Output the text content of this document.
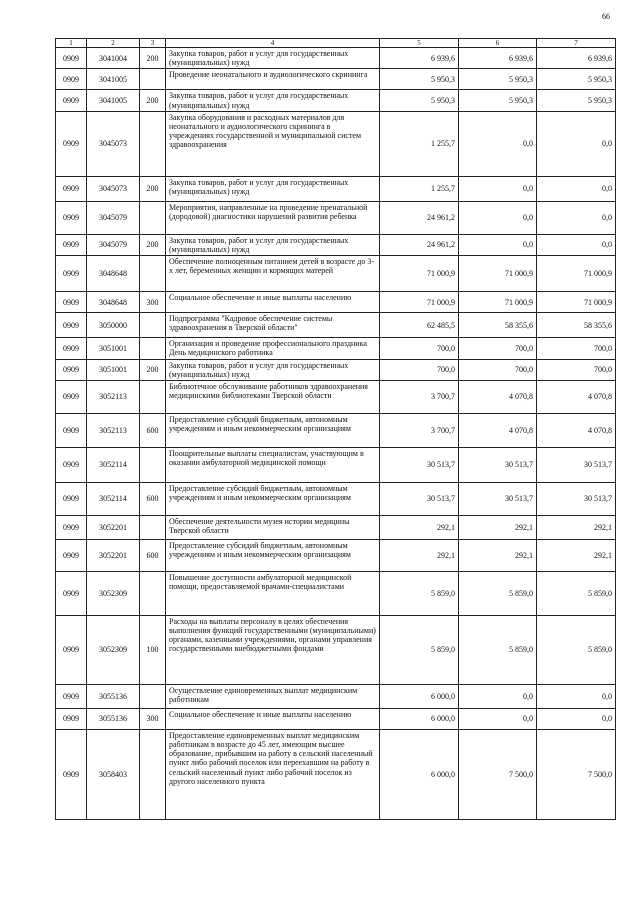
66
1	2	3	4	5	6	7
0909	3041004	200	Закупка товаров, работ и услуг для государственных (муниципальных) нужд	6 939,6	6 939,6	6 939,6
0909	3041005		Проведение неонатального и аудиологического скрининга	5 950,3	5 950,3	5 950,3
0909	3041005	200	Закупка товаров, работ и услуг для государственных (муниципальных) нужд	5 950,3	5 950,3	5 950,3
0909	3045073		Закупка оборудования и расходных материалов для неонатального и аудиологического скрининга в учреждениях государственной и муниципальной систем здравоохранения	1 255,7	0,0	0,0
0909	3045073	200	Закупка товаров, работ и услуг для государственных (муниципальных) нужд	1 255,7	0,0	0,0
0909	3045079		Мероприятия, направленные на проведение пренатальной (дородовой) диагностики нарушений развития ребенка	24 961,2	0,0	0,0
0909	3045079	200	Закупка товаров, работ и услуг для государственных (муниципальных) нужд	24 961,2	0,0	0,0
0909	3048648		Обеспечение полноценным питанием детей в возрасте до 3-х лет, беременных женщин и кормящих матерей	71 000,9	71 000,9	71 000,9
0909	3048648	300	Социальное обеспечение и иные выплаты населению	71 000,9	71 000,9	71 000,9
0909	3050000		Подпрограмма "Кадровое обеспечение системы здравоохранения в Тверской области"	62 485,5	58 355,6	58 355,6
0909	3051001		Организация и проведение профессионального праздника День медицинского работника	700,0	700,0	700,0
0909	3051001	200	Закупка товаров, работ и услуг для государственных (муниципальных) нужд	700,0	700,0	700,0
0909	3052113		Библиотечное обслуживание работников здравоохранения медицинскими библиотеками Тверской области	3 700,7	4 070,8	4 070,8
0909	3052113	600	Предоставление субсидий бюджетным, автономным учреждениям и иным некоммерческим организациям	3 700,7	4 070,8	4 070,8
0909	3052114		Поощрительные выплаты специалистам, участвующим в оказании амбулаторной медицинской помощи	30 513,7	30 513,7	30 513,7
0909	3052114	600	Предоставление субсидий бюджетным, автономным учреждениям и иным некоммерческим организациям	30 513,7	30 513,7	30 513,7
0909	3052201		Обеспечение деятельности музея истории медицины Тверской области	292,1	292,1	292,1
0909	3052201	600	Предоставление субсидий бюджетным, автономным учреждениям и иным некоммерческим организациям	292,1	292,1	292,1
0909	3052309		Повышение доступности амбулаторной медицинской помощи, предоставляемой врачами-специалистами	5 859,0	5 859,0	5 859,0
0909	3052309	100	Расходы на выплаты персоналу в целях обеспечения выполнения функций государственными (муниципальными) органами, казенными учреждениями, органами управления государственными внебюджетными фондами	5 859,0	5 859,0	5 859,0
0909	3055136		Осуществление единовременных выплат медицинским работникам	6 000,0	0,0	0,0
0909	3055136	300	Социальное обеспечение и иные выплаты населению	6 000,0	0,0	0,0
0909	3058403		Предоставление единовременных выплат медицинским работникам в возрасте до 45 лет, имеющим высшее образование, прибывшим на работу в сельский населенный пункт либо рабочий поселок или переехавшим на работу в сельский населенный пункт либо рабочий поселок из другого населенного пункта	6 000,0	7 500,0	7 500,0
